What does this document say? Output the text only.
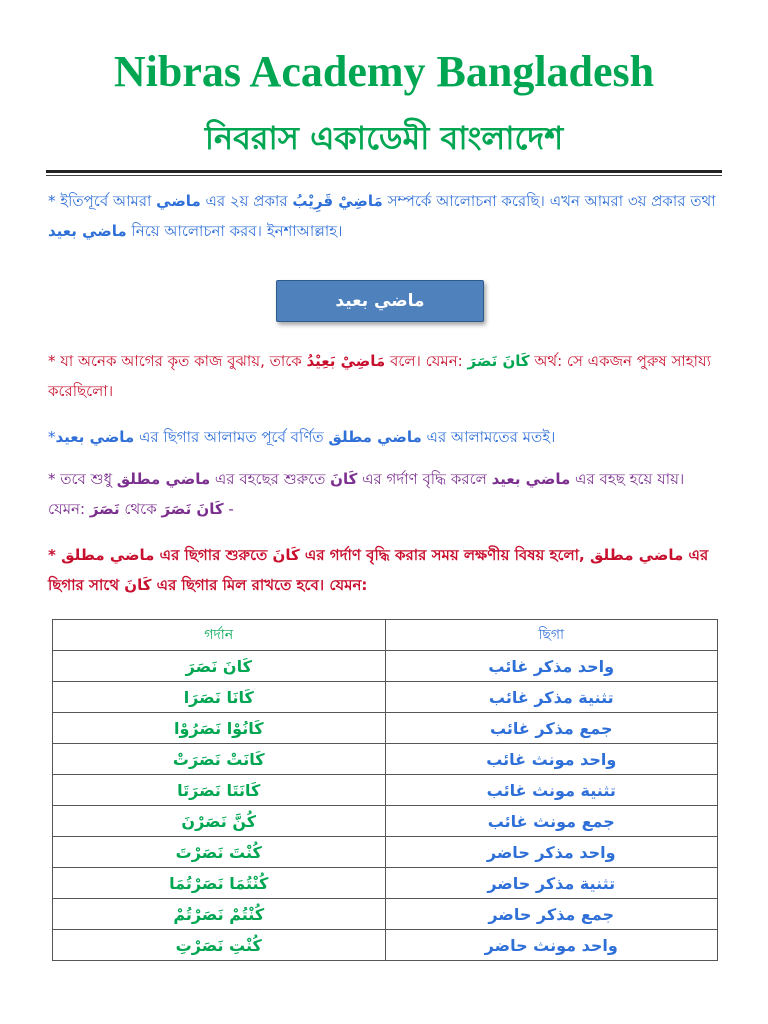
Nibras Academy Bangladesh
নিবরাস একাডেমী বাংলাদেশ
* ইতিপূর্বে আমরা ماضي এর ২য় প্রকার مَاضِيْ قَرِيْبُ সম্পর্কে আলোচনা করেছি। এখন আমরা ৩য় প্রকার তথা ماضي بعيد নিয়ে আলোচনা করব। ইনশাআল্লাহ।
ماضي بعيد
* যা অনেক আগের কৃত কাজ বুঝায়, তাকে مَاضِيْ بَعِيْدُ বলে। যেমন: كَانَ نَصَرَ অর্থ: সে একজন পুরুষ সাহায্য করেছিলো।
*ماضي بعيد এর ছিগার আলামত পূর্বে বর্ণিত ماضي مطلق এর আলামতের মতই।
* তবে শুধু ماضي مطلق এর বহছের শুরুতে كَانَ এর গর্দাণ বৃদ্ধি করলে ماضي بعيد এর বহছ হয়ে যায়। যেমন: نَصَرَ থেকে كَانَ نَصَرَ -
* ماضي مطلق এর ছিগার শুরুতে كَانَ এর গর্দাণ বৃদ্ধি করার সময় লক্ষণীয় বিষয় হলো, ماضي مطلق এর ছিগার সাথে كَانَ এর ছিগার মিল রাখতে হবে। যেমন:
গর্দান	ছিগা
كَانَ نَصَرَ	واحد مذكر غائب
كَانَا نَصَرَا	تثنية مذكر غائب
كَانُوْا نَصَرُوْا	جمع مذكر غائب
كَانَتْ نَصَرَتْ	واحد مونث غائب
كَانَتَا نَصَرَتَا	تثنية مونث غائب
كُنَّ نَصَرْنَ	جمع مونث غائب
كُنْتَ نَصَرْتَ	واحد مذكر حاضر
كُنْتُمَا نَصَرْتُمَا	تثنية مذكر حاضر
كُنْتُمْ نَصَرْتُمْ	جمع مذكر حاضر
كُنْتِ نَصَرْتِ	واحد مونث حاضر
